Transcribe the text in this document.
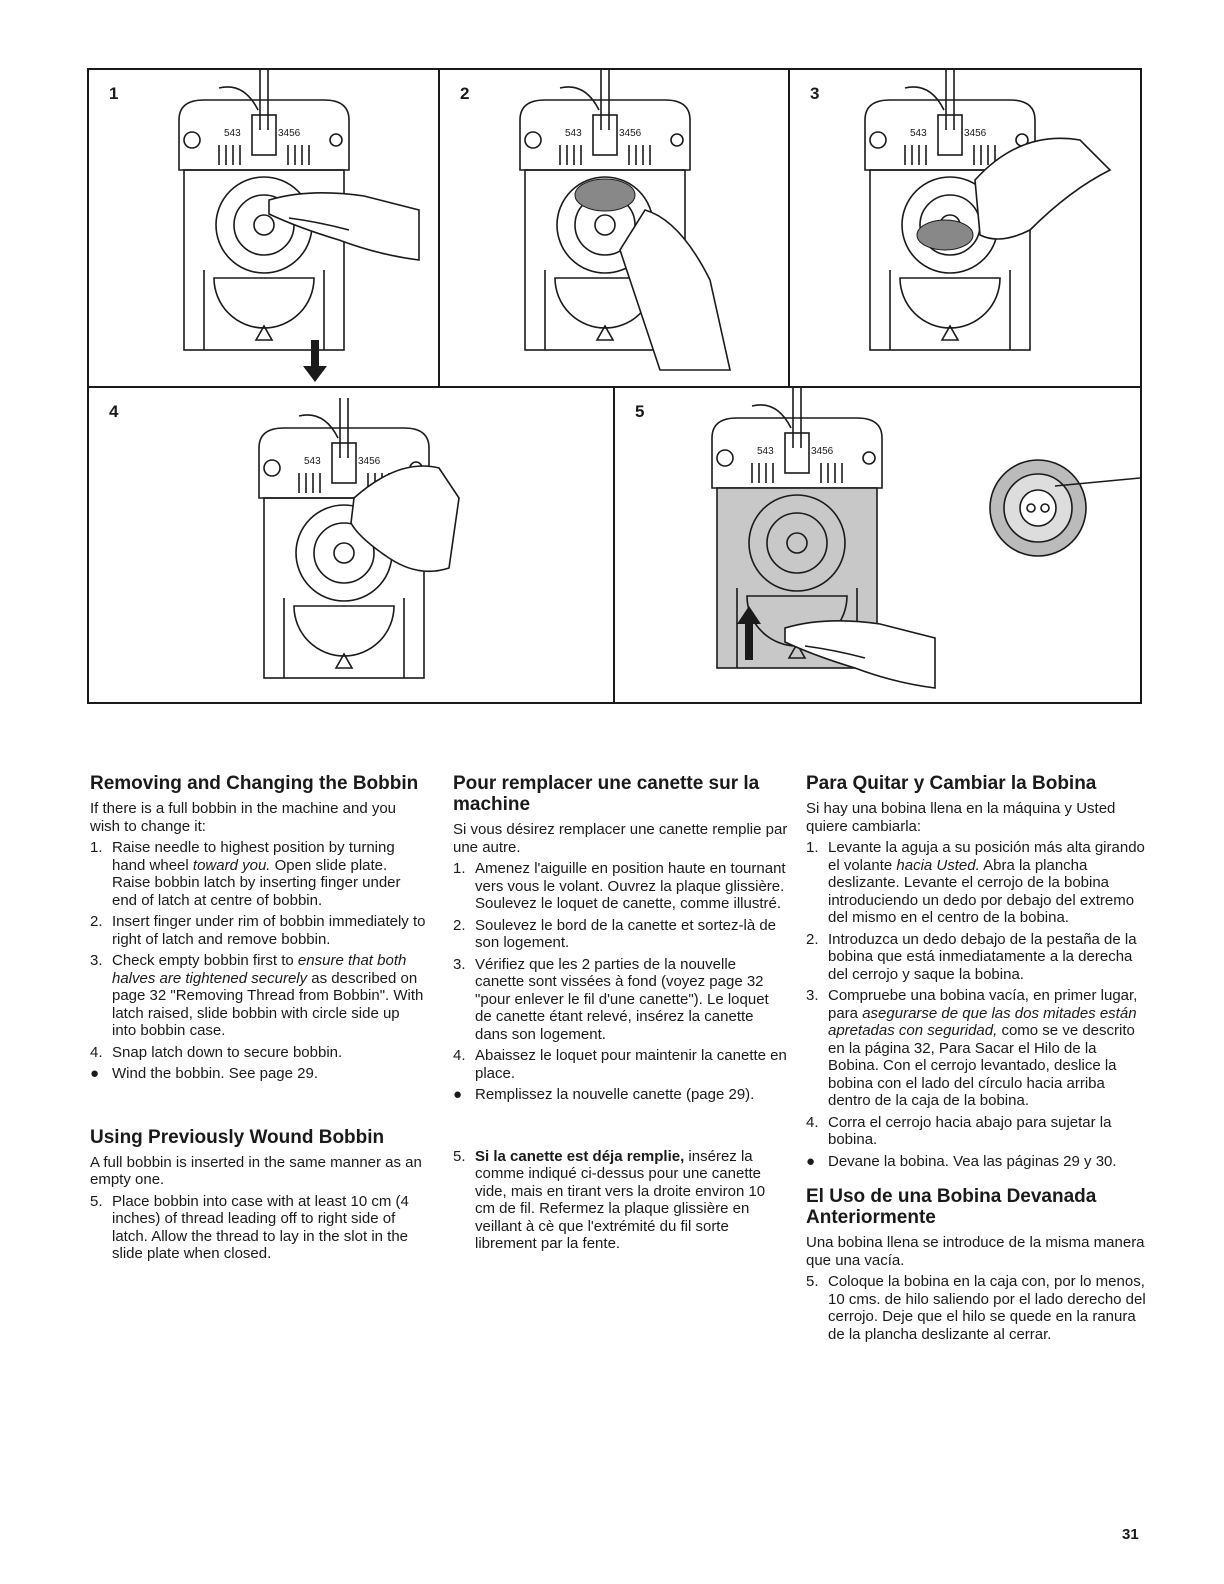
1
543	3456
2
543	3456
3
543	3456
4
543	3456
5
543	3456
Removing and Changing the Bobbin

If there is a full bobbin in the machine and you wish to change it:

1. Raise needle to highest position by turning hand wheel toward you. Open slide plate. Raise bobbin latch by inserting finger under end of latch at centre of bobbin.
2. Insert finger under rim of bobbin immediately to right of latch and remove bobbin.
3. Check empty bobbin first to ensure that both halves are tightened securely as described on page 32 "Removing Thread from Bobbin". With latch raised, slide bobbin with circle side up into bobbin case.
4. Snap latch down to secure bobbin.
● Wind the bobbin. See page 29.
Using Previously Wound Bobbin

A full bobbin is inserted in the same manner as an empty one.

5. Place bobbin into case with at least 10 cm (4 inches) of thread leading off to right side of latch. Allow the thread to lay in the slot in the slide plate when closed.
Pour remplacer une canette sur la machine

Si vous désirez remplacer une canette remplie par une autre.

1. Amenez l'aiguille en position haute en tournant vers vous le volant. Ouvrez la plaque glissière. Soulevez le loquet de canette, comme illustré.
2. Soulevez le bord de la canette et sortez-là de son logement.
3. Vérifiez que les 2 parties de la nouvelle canette sont vissées à fond (voyez page 32 "pour enlever le fil d'une canette"). Le loquet de canette étant relevé, insérez la canette dans son logement.
4. Abaissez le loquet pour maintenir la canette en place.
● Remplissez la nouvelle canette (page 29).
5. Si la canette est déja remplie, insérez la comme indiqué ci-dessus pour une canette vide, mais en tirant vers la droite environ 10 cm de fil. Refermez la plaque glissière en veillant à cè que l'extrémité du fil sorte librement par la fente.
Para Quitar y Cambiar la Bobina

Si hay una bobina llena en la máquina y Usted quiere cambiarla:

1. Levante la aguja a su posición más alta girando el volante hacia Usted. Abra la plancha deslizante. Levante el cerrojo de la bobina introduciendo un dedo por debajo del extremo del mismo en el centro de la bobina.
2. Introduzca un dedo debajo de la pestaña de la bobina que está inmediatamente a la derecha del cerrojo y saque la bobina.
3. Compruebe una bobina vacía, en primer lugar, para asegurarse de que las dos mitades están apretadas con seguridad, como se ve descrito en la página 32, Para Sacar el Hilo de la Bobina. Con el cerrojo levantado, deslice la bobina con el lado del círculo hacia arriba dentro de la caja de la bobina.
4. Corra el cerrojo hacia abajo para sujetar la bobina.
● Devane la bobina. Vea las páginas 29 y 30.
El Uso de una Bobina Devanada Anteriormente

Una bobina llena se introduce de la misma manera que una vacía.

5. Coloque la bobina en la caja con, por lo menos, 10 cms. de hilo saliendo por el lado derecho del cerrojo. Deje que el hilo se quede en la ranura de la plancha deslizante al cerrar.
31
